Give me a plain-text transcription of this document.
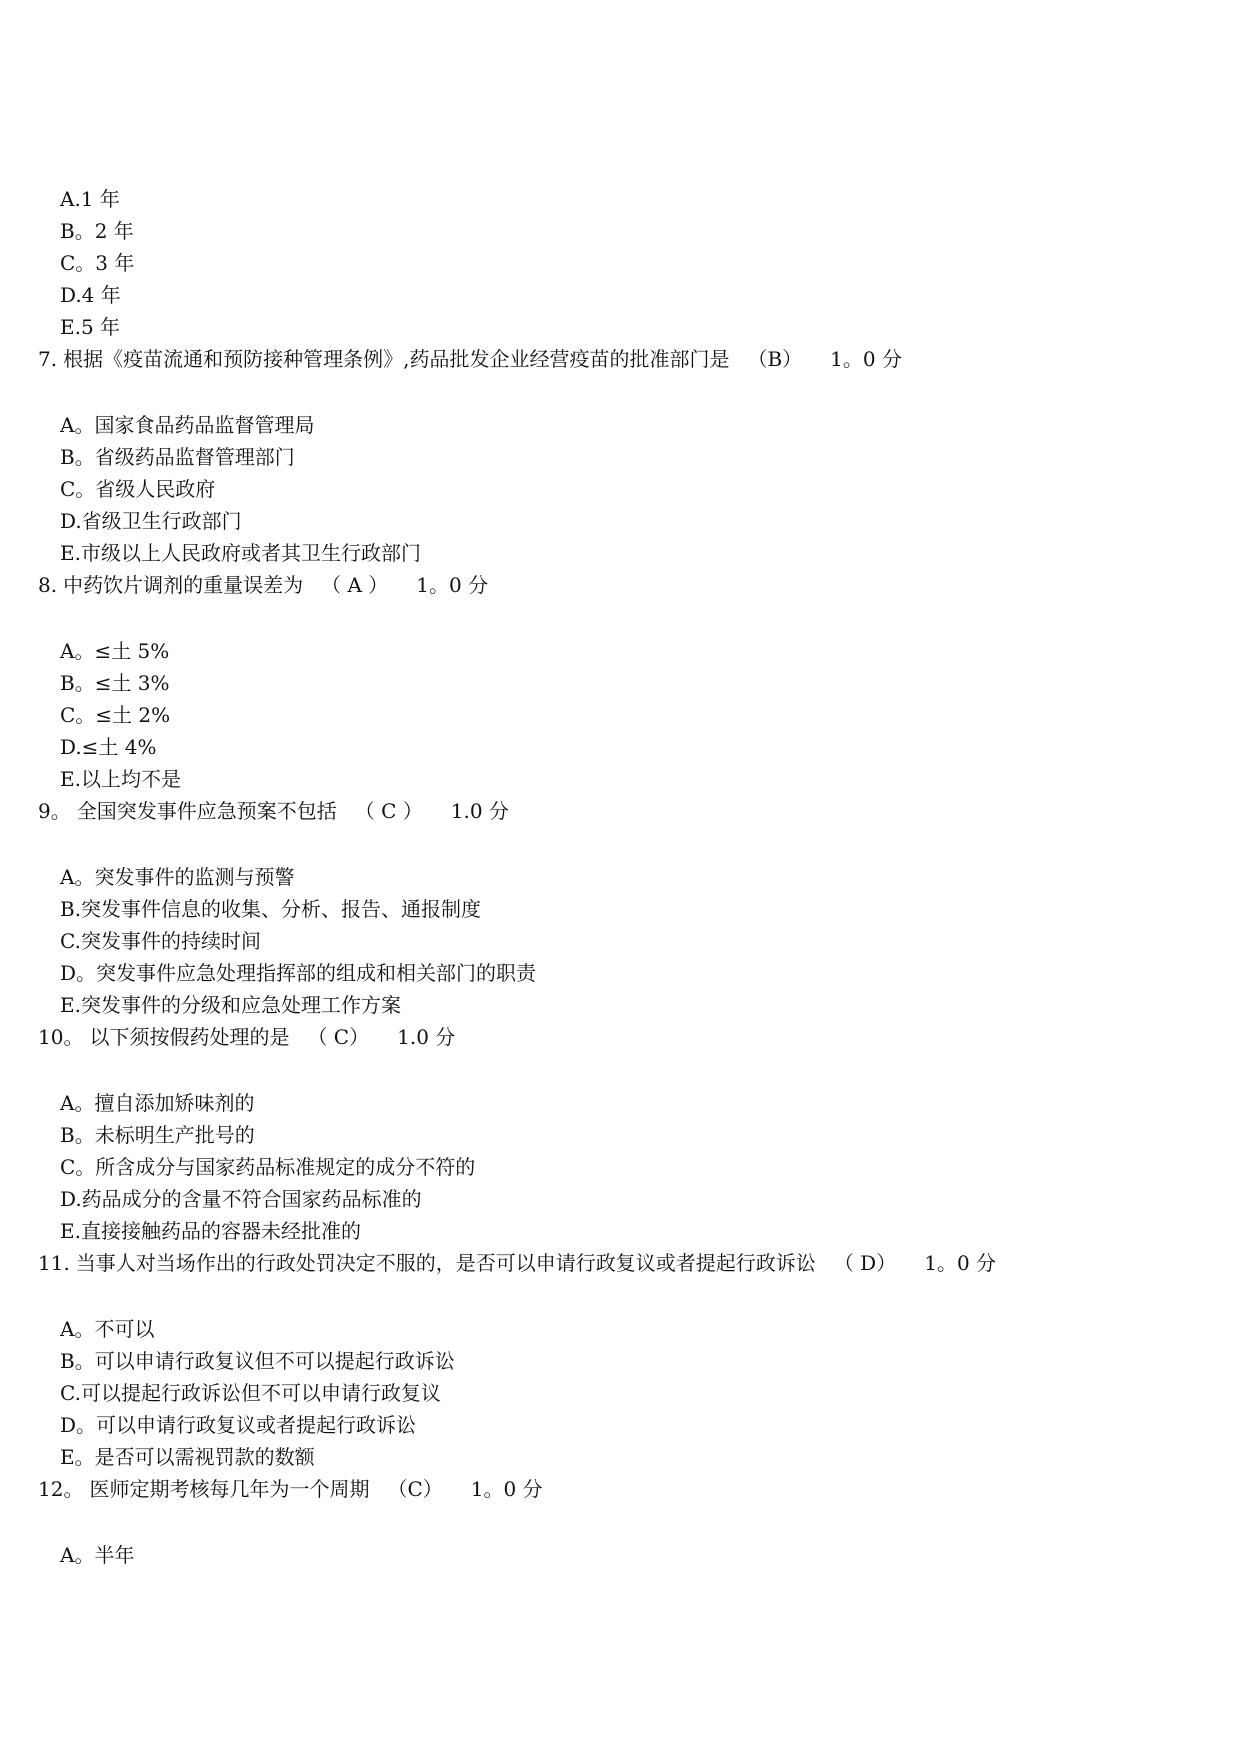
A.1 年
B。2 年
C。3 年
D.4 年
E.5 年
7. 根据《疫苗流通和预防接种管理条例》,药品批发企业经营疫苗的批准部门是 （B） 1。0 分
A。国家食品药品监督管理局
B。省级药品监督管理部门
C。省级人民政府
D.省级卫生行政部门
E.市级以上人民政府或者其卫生行政部门
8. 中药饮片调剂的重量误差为 （ A ） 1。0 分
A。≤土 5%
B。≤土 3%
C。≤土 2%
D.≤土 4%
E.以上均不是
9。 全国突发事件应急预案不包括 （ C ） 1.0 分
A。突发事件的监测与预警
B.突发事件信息的收集、分析、报告、通报制度
C.突发事件的持续时间
D。突发事件应急处理指挥部的组成和相关部门的职责
E.突发事件的分级和应急处理工作方案
10。 以下须按假药处理的是 （ C） 1.0 分
A。擅自添加矫味剂的
B。未标明生产批号的
C。所含成分与国家药品标准规定的成分不符的
D.药品成分的含量不符合国家药品标准的
E.直接接触药品的容器未经批准的
11. 当事人对当场作出的行政处罚决定不服的，是否可以申请行政复议或者提起行政诉讼 （ D） 1。0 分
A。不可以
B。可以申请行政复议但不可以提起行政诉讼
C.可以提起行政诉讼但不可以申请行政复议
D。可以申请行政复议或者提起行政诉讼
E。是否可以需视罚款的数额
12。 医师定期考核每几年为一个周期 （C） 1。0 分
A。半年
